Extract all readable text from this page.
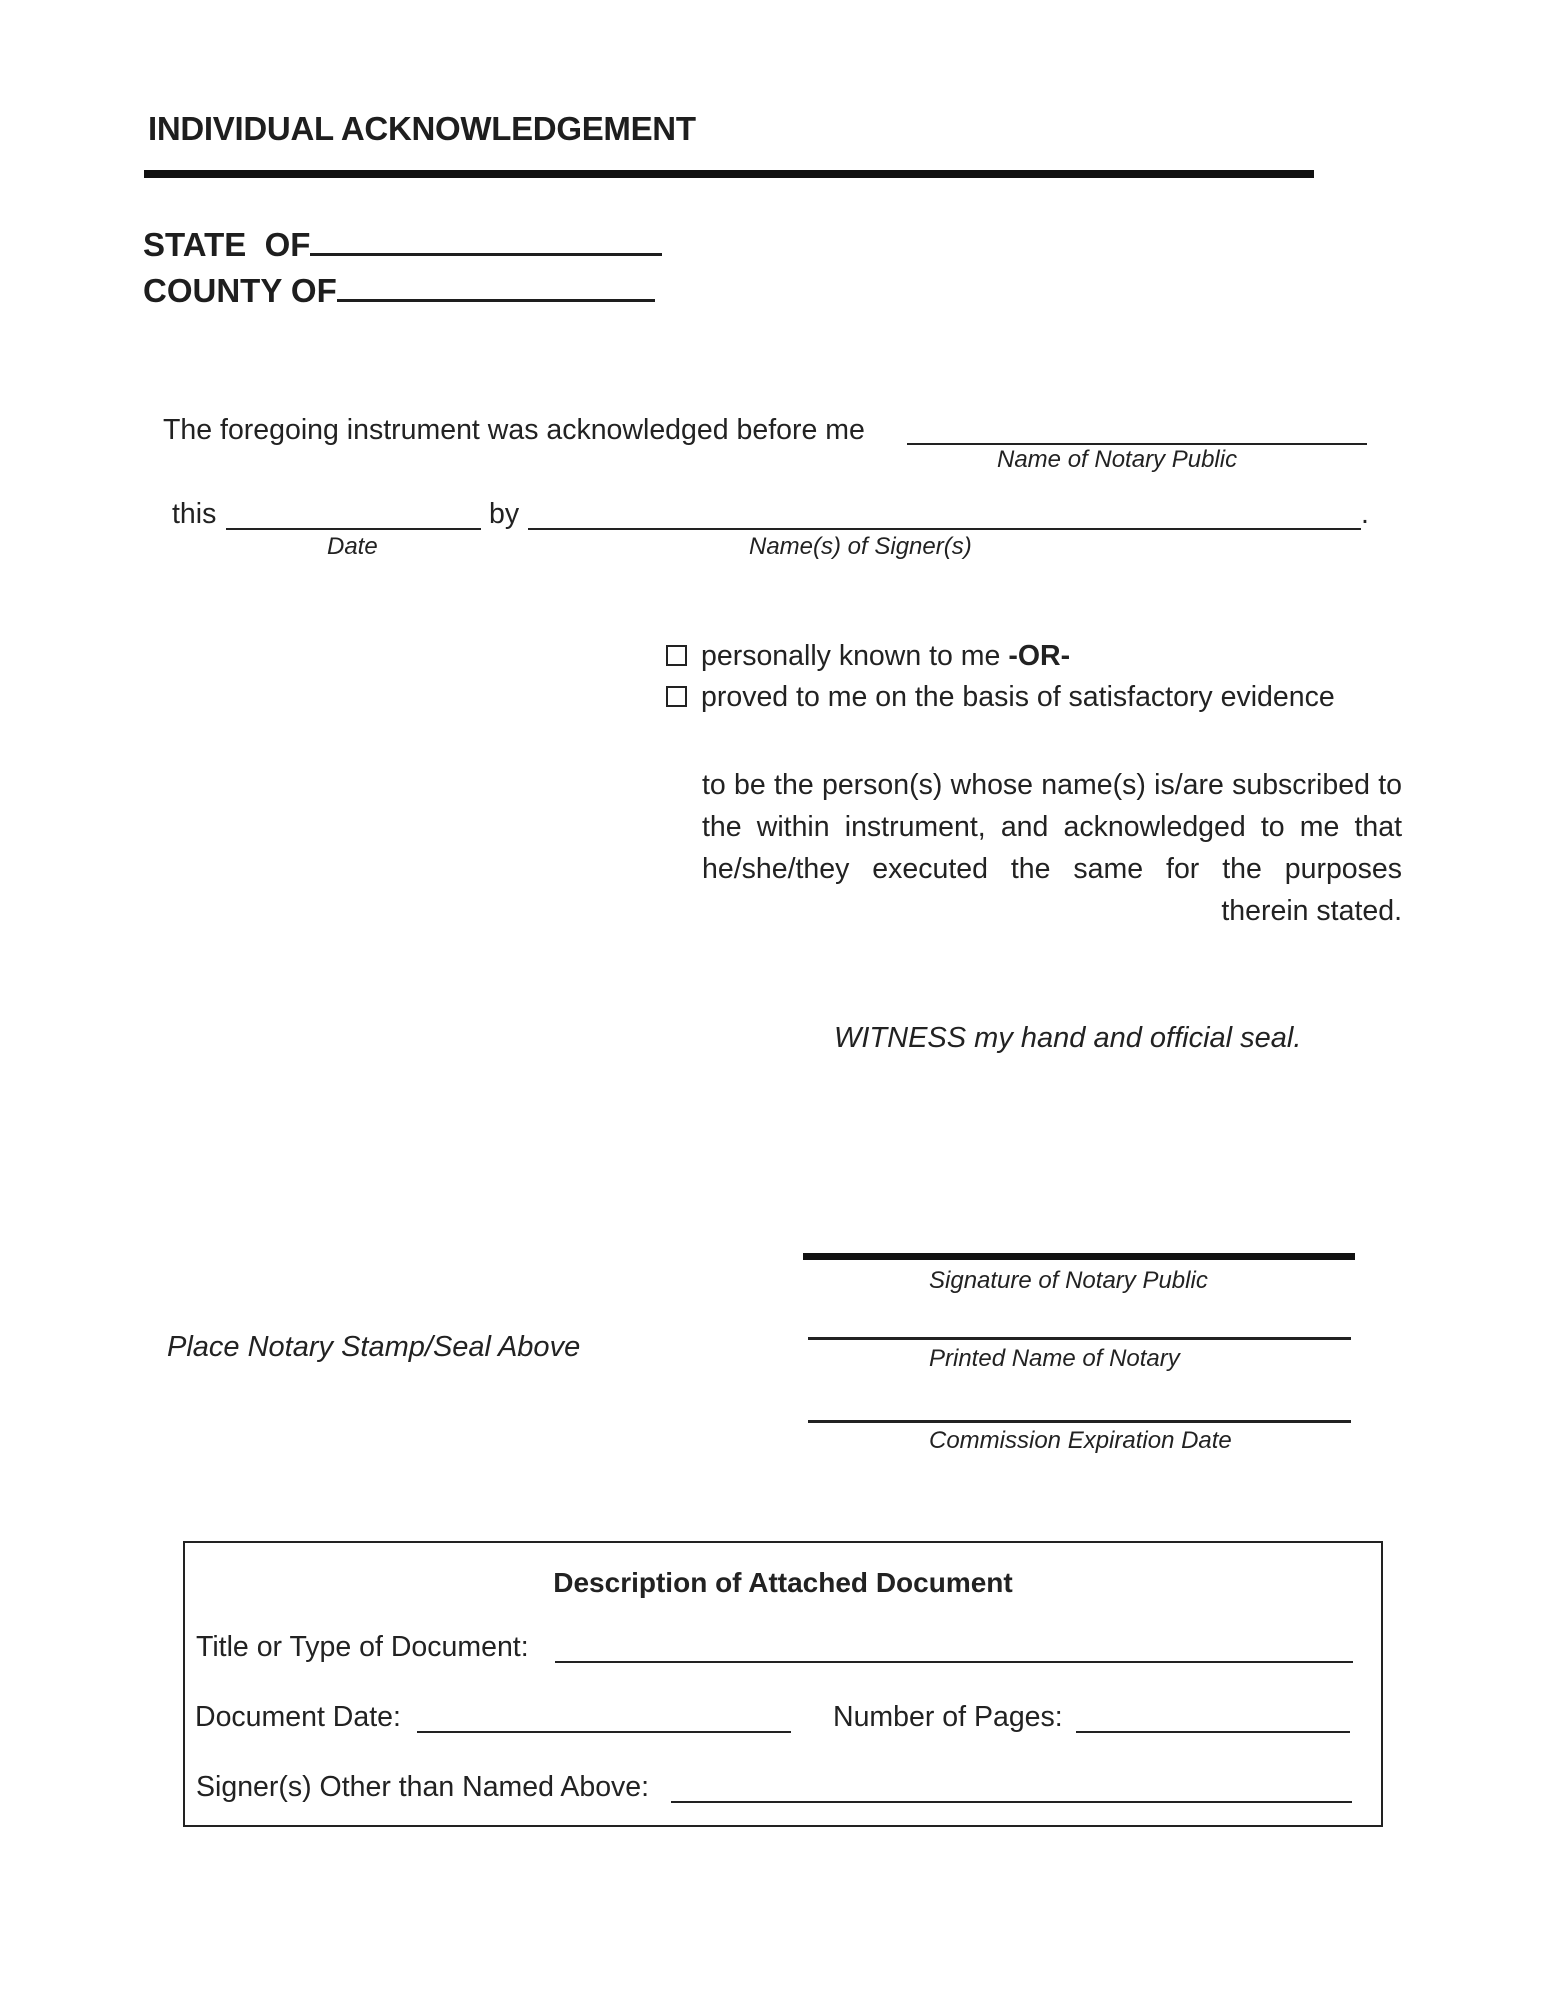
INDIVIDUAL ACKNOWLEDGEMENT
STATE  OF
COUNTY OF
The foregoing instrument was acknowledged before me
Name of Notary Public
this	by	.
Date	Name(s) of Signer(s)
personally known to me -OR-
proved to me on the basis of satisfactory evidence
to be the person(s) whose name(s) is/are subscribed to the within instrument, and acknowledged to me that he/she/they executed the same for the purposes therein stated.
WITNESS my hand and official seal.
Signature of Notary Public
Printed Name of Notary
Commission Expiration Date
Place Notary Stamp/Seal Above
Description of Attached Document
Title or Type of Document:
Document Date:	Number of Pages:
Signer(s) Other than Named Above:
